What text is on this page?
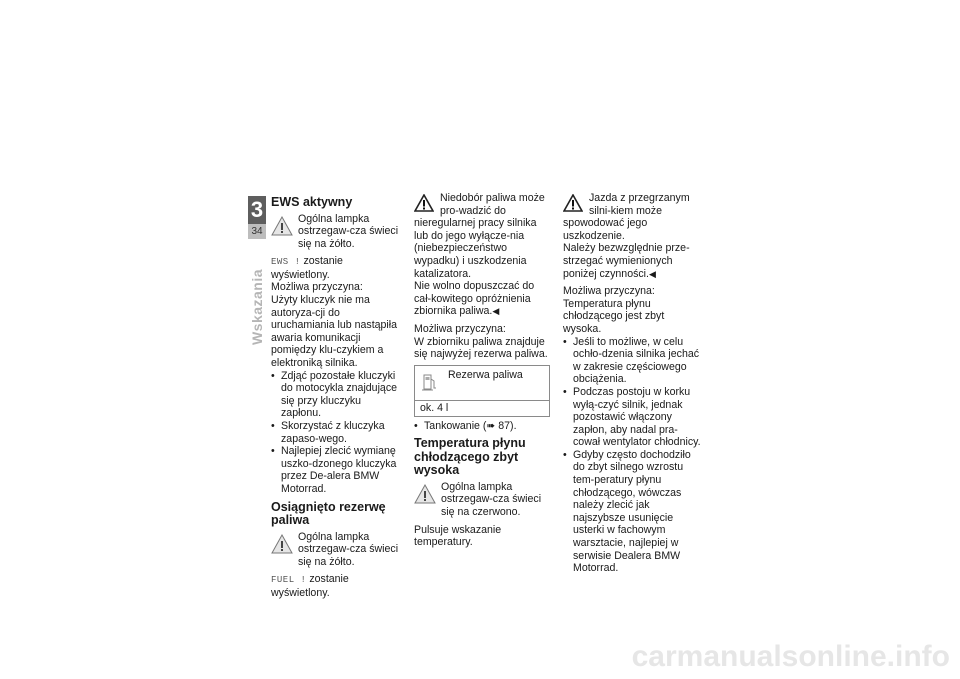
3
34
Wskazania

EWS aktywny

Ogólna lampka ostrzegaw-cza świeci się na żółto.

EWS ! zostanie wyświetlony.

Możliwa przyczyna:

Użyty kluczyk nie ma autoryza-cji do uruchamiania lub nastąpiła awaria komunikacji pomiędzy klu-czykiem a elektroniką silnika.

• Zdjąć pozostałe kluczyki do motocykla znajdujące się przy kluczyku zapłonu.
• Skorzystać z kluczyka zapaso-wego.
• Najlepiej zlecić wymianę uszko-dzonego kluczyka przez De-alera BMW Motorrad.

Osiągnięto rezerwę paliwa

Ogólna lampka ostrzegaw-cza świeci się na żółto.

FUEL ! zostanie wyświetlony.

Niedobór paliwa może pro-wadzić do nieregularnej pracy silnika lub do jego wyłącze-nia (niebezpieczeństwo wypadku) i uszkodzenia katalizatora.

Nie wolno dopuszczać do cał-kowitego opróżnienia zbiornika paliwa.◀

Możliwa przyczyna:

W zbiorniku paliwa znajduje się najwyżej rezerwa paliwa.

Rezerwa paliwa
ok. 4 l
• Tankowanie (➠ 87).

Temperatura płynu chłodzącego zbyt wysoka

Ogólna lampka ostrzegaw-cza świeci się na czerwono.

Pulsuje wskazanie temperatury.

Jazda z przegrzanym silni-kiem może spowodować jego uszkodzenie.

Należy bezwzględnie prze-strzegać wymienionych poniżej czynności.◀

Możliwa przyczyna:

Temperatura płynu chłodzącego jest zbyt wysoka.

• Jeśli to możliwe, w celu ochło-dzenia silnika jechać w zakresie częściowego obciążenia.
• Podczas postoju w korku wyłą-czyć silnik, jednak pozostawić włączony zapłon, aby nadal pra-cował wentylator chłodnicy.
• Gdyby często dochodziło do zbyt silnego wzrostu tem-peratury płynu chłodzącego, wówczas należy zlecić jak najszybsze usunięcie usterki w fachowym warsztacie, najlepiej w serwisie Dealera BMW Motorrad.
carmanualsonline.info
